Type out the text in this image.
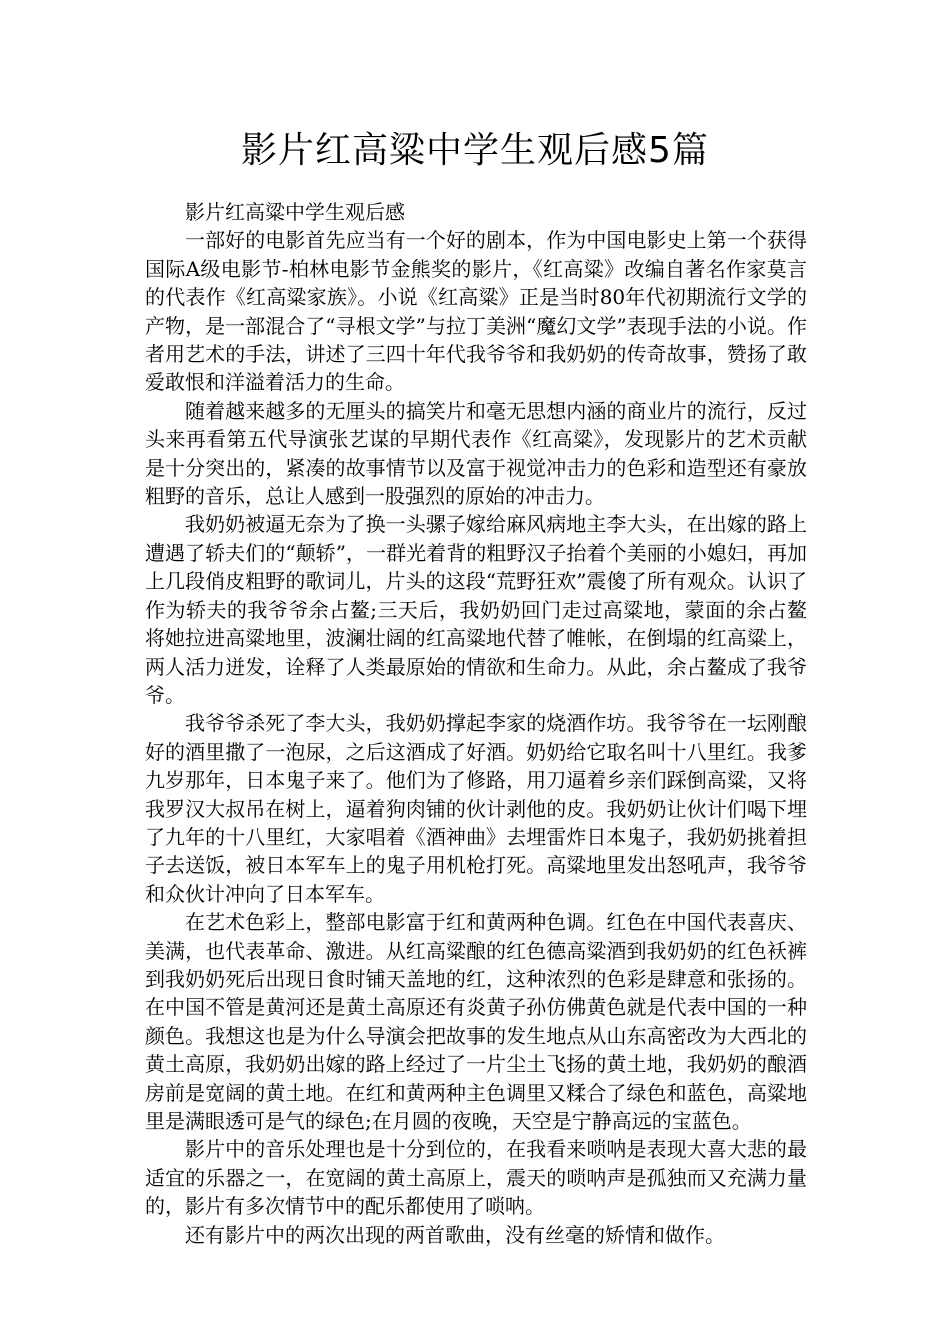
影片红高粱中学生观后感5篇

影片红高粱中学生观后感

一部好的电影首先应当有一个好的剧本，作为中国电影史上第一个获得国际A级电影节-柏林电影节金熊奖的影片，《红高粱》改编自著名作家莫言的代表作《红高粱家族》。小说《红高粱》正是当时80年代初期流行文学的产物，是一部混合了“寻根文学”与拉丁美洲“魔幻文学”表现手法的小说。作者用艺术的手法，讲述了三四十年代我爷爷和我奶奶的传奇故事，赞扬了敢爱敢恨和洋溢着活力的生命。

随着越来越多的无厘头的搞笑片和毫无思想内涵的商业片的流行，反过头来再看第五代导演张艺谋的早期代表作《红高粱》，发现影片的艺术贡献是十分突出的，紧凑的故事情节以及富于视觉冲击力的色彩和造型还有豪放粗野的音乐，总让人感到一股强烈的原始的冲击力。

我奶奶被逼无奈为了换一头骡子嫁给麻风病地主李大头，在出嫁的路上遭遇了轿夫们的“颠轿”，一群光着背的粗野汉子抬着个美丽的小媳妇，再加上几段俏皮粗野的歌词儿，片头的这段“荒野狂欢”震傻了所有观众。认识了作为轿夫的我爷爷余占鳌;三天后，我奶奶回门走过高粱地，蒙面的余占鳌将她拉进高粱地里，波澜壮阔的红高粱地代替了帷帐，在倒塌的红高粱上，两人活力迸发，诠释了人类最原始的情欲和生命力。从此，余占鳌成了我爷爷。

我爷爷杀死了李大头，我奶奶撑起李家的烧酒作坊。我爷爷在一坛刚酿好的酒里撒了一泡尿，之后这酒成了好酒。奶奶给它取名叫十八里红。我爹九岁那年，日本鬼子来了。他们为了修路，用刀逼着乡亲们踩倒高粱，又将我罗汉大叔吊在树上，逼着狗肉铺的伙计剥他的皮。我奶奶让伙计们喝下埋了九年的十八里红，大家唱着《酒神曲》去埋雷炸日本鬼子，我奶奶挑着担子去送饭，被日本军车上的鬼子用机枪打死。高粱地里发出怒吼声，我爷爷和众伙计冲向了日本军车。

在艺术色彩上，整部电影富于红和黄两种色调。红色在中国代表喜庆、美满，也代表革命、激进。从红高粱酿的红色德高粱酒到我奶奶的红色袄裤到我奶奶死后出现日食时铺天盖地的红，这种浓烈的色彩是肆意和张扬的。在中国不管是黄河还是黄土高原还有炎黄子孙仿佛黄色就是代表中国的一种颜色。我想这也是为什么导演会把故事的发生地点从山东高密改为大西北的黄土高原，我奶奶出嫁的路上经过了一片尘土飞扬的黄土地，我奶奶的酿酒房前是宽阔的黄土地。在红和黄两种主色调里又糅合了绿色和蓝色，高粱地里是满眼透可是气的绿色;在月圆的夜晚，天空是宁静高远的宝蓝色。

影片中的音乐处理也是十分到位的，在我看来唢呐是表现大喜大悲的最适宜的乐器之一，在宽阔的黄土高原上，震天的唢呐声是孤独而又充满力量的，影片有多次情节中的配乐都使用了唢呐。

还有影片中的两次出现的两首歌曲，没有丝毫的矫情和做作。
